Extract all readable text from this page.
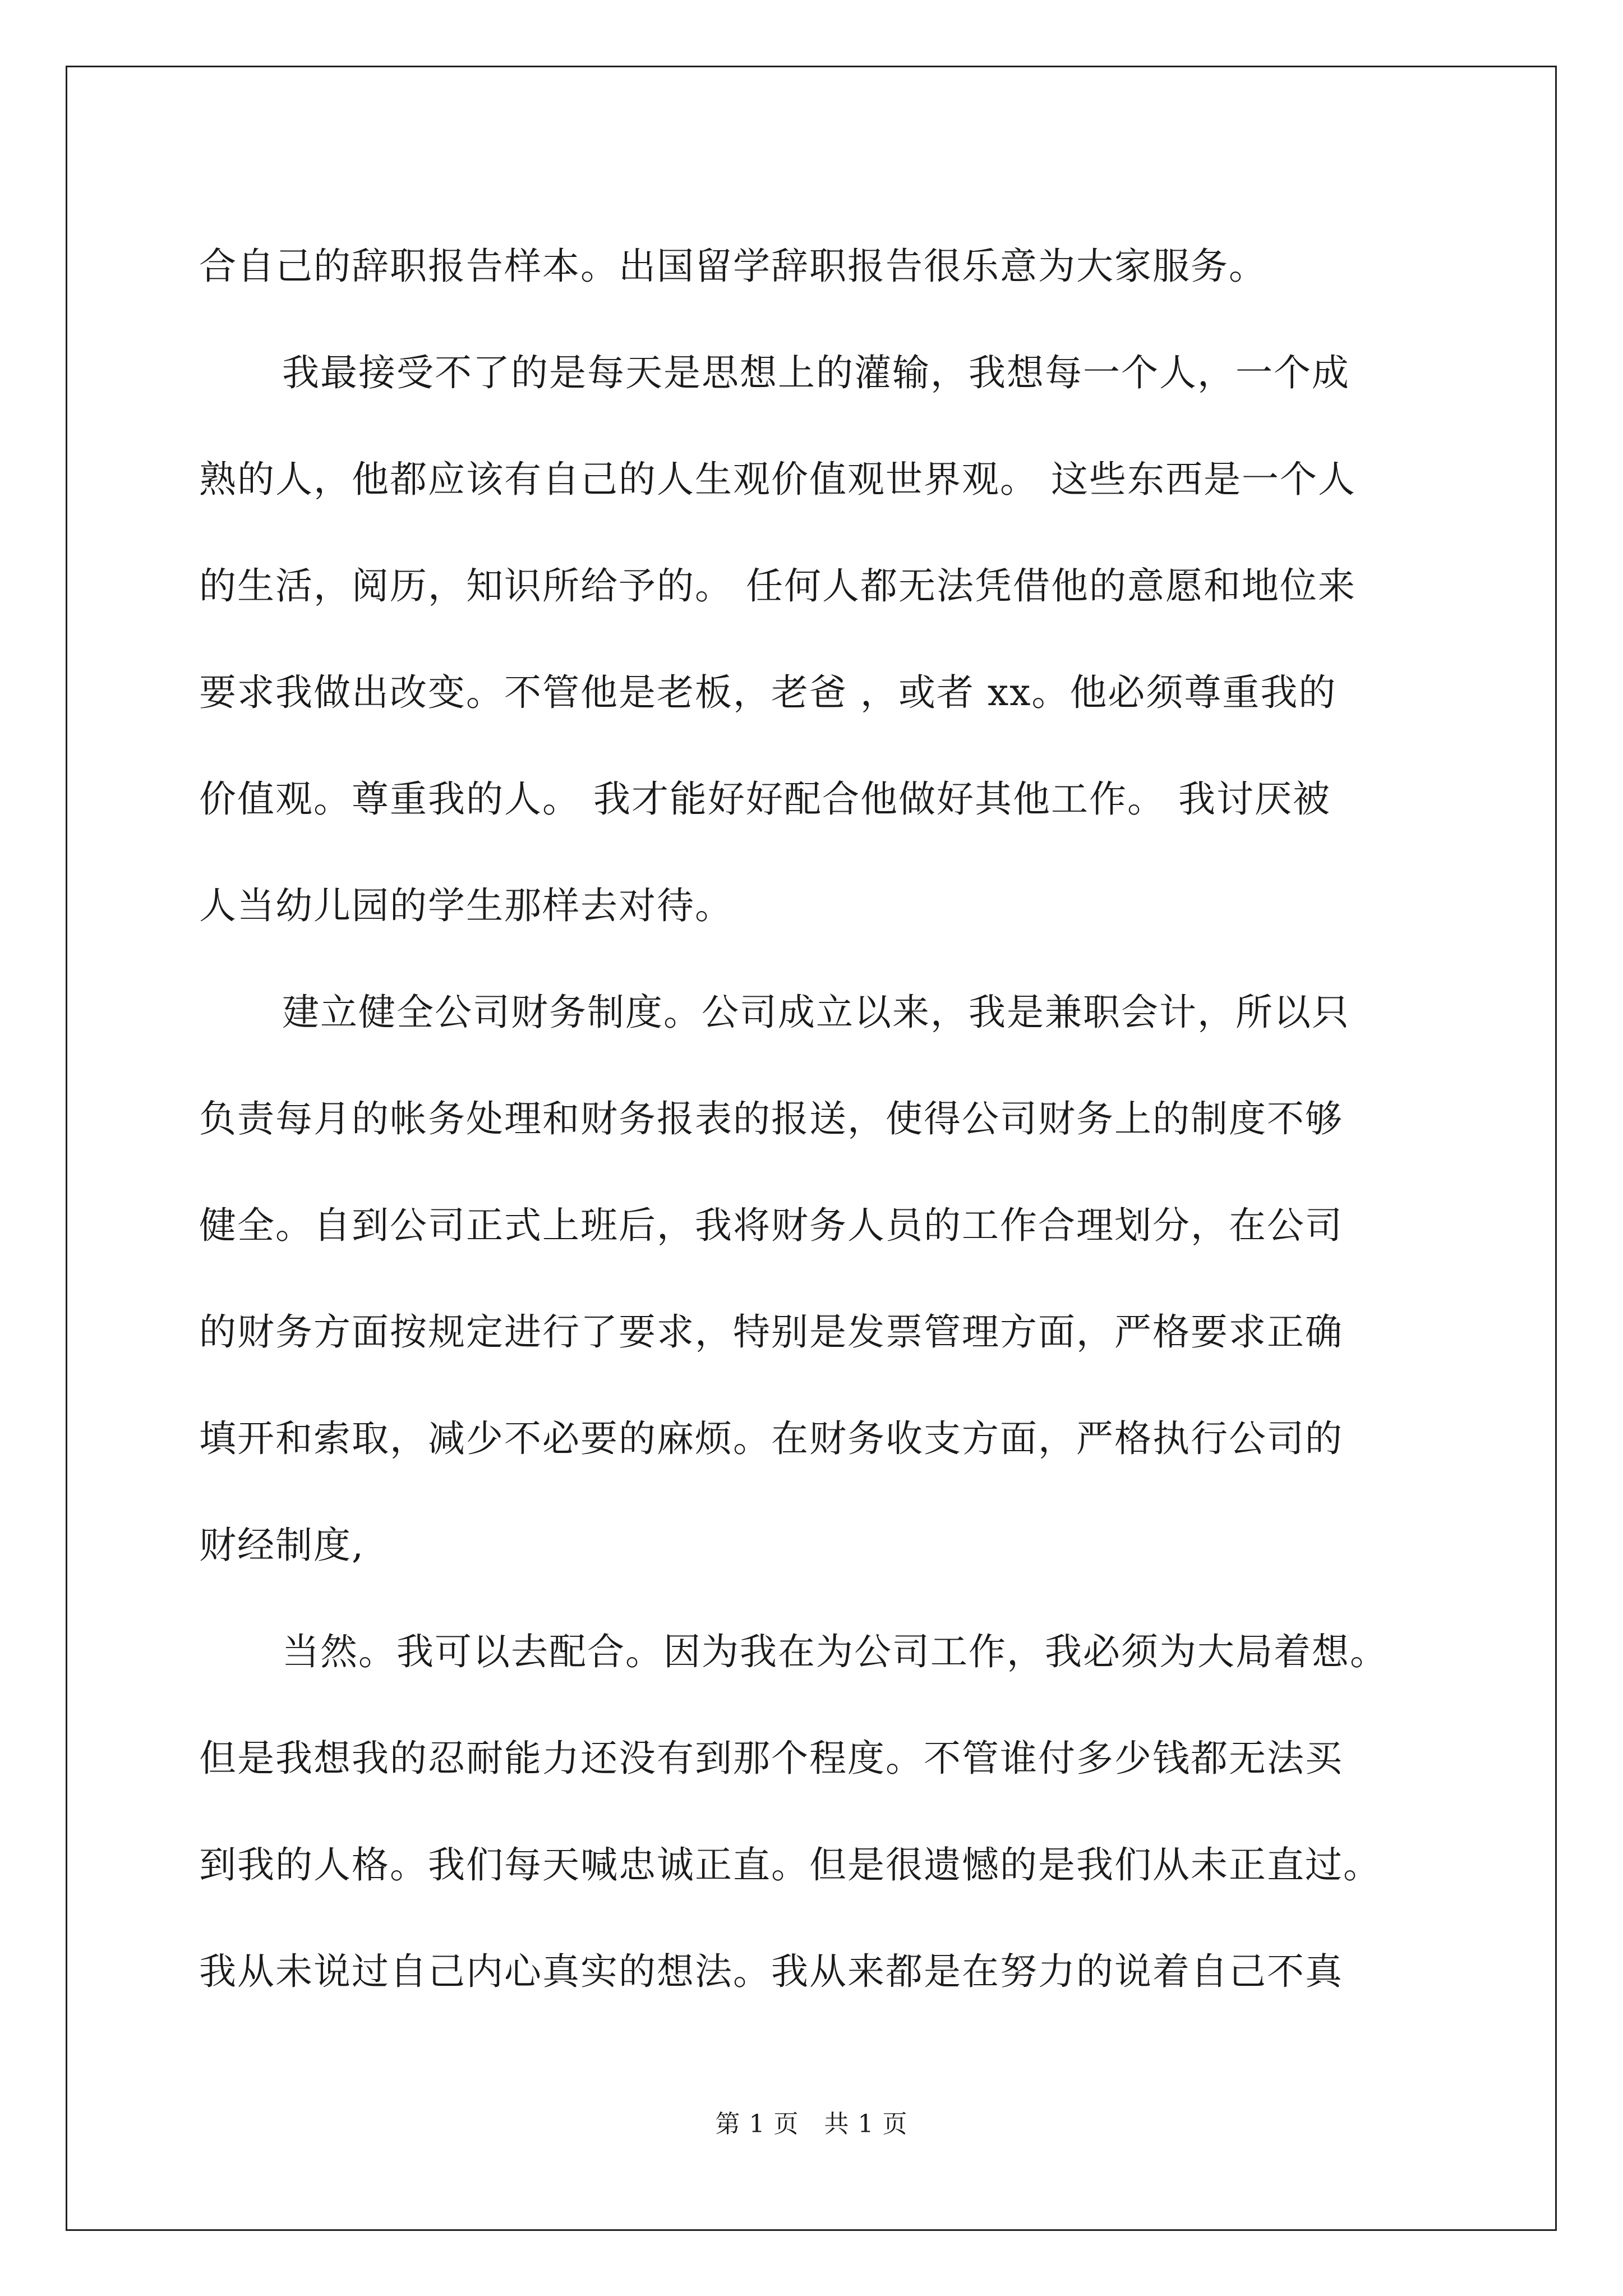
合自己的辞职报告样本。出国留学辞职报告很乐意为大家服务。
我最接受不了的是每天是思想上的灌输，我想每一个人，一个成
熟的人，他都应该有自己的人生观价值观世界观。 这些东西是一个人
的生活，阅历，知识所给予的。 任何人都无法凭借他的意愿和地位来
要求我做出改变。不管他是老板，老爸 ，或者 xx。他必须尊重我的
价值观。尊重我的人。 我才能好好配合他做好其他工作。 我讨厌被
人当幼儿园的学生那样去对待。
建立健全公司财务制度。公司成立以来，我是兼职会计，所以只
负责每月的帐务处理和财务报表的报送，使得公司财务上的制度不够
健全。自到公司正式上班后，我将财务人员的工作合理划分，在公司
的财务方面按规定进行了要求，特别是发票管理方面，严格要求正确
填开和索取，减少不必要的麻烦。在财务收支方面，严格执行公司的
财经制度,
当然。我可以去配合。因为我在为公司工作，我必须为大局着想。
但是我想我的忍耐能力还没有到那个程度。不管谁付多少钱都无法买
到我的人格。我们每天喊忠诚正直。但是很遗憾的是我们从未正直过。
我从未说过自己内心真实的想法。我从来都是在努力的说着自己不真
第 1 页　共 1 页
